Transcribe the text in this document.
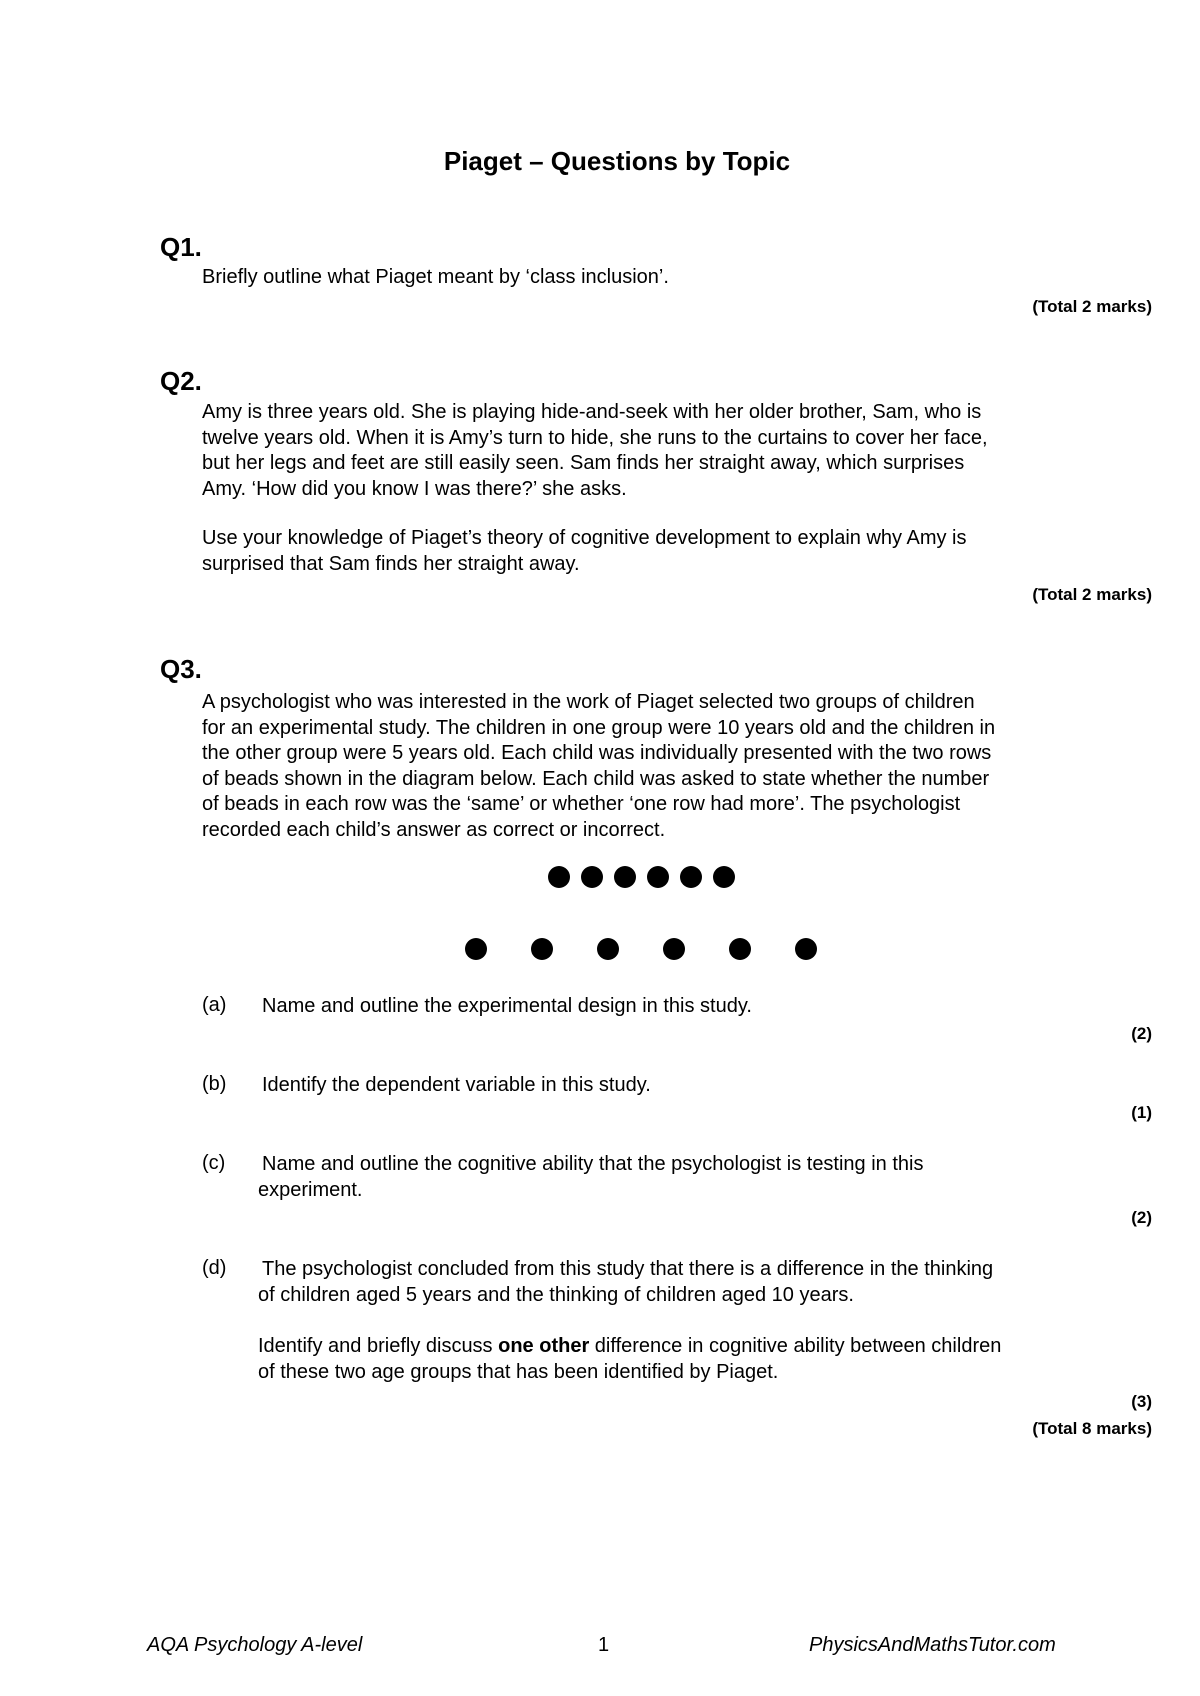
Piaget – Questions by Topic
Q1.
Briefly outline what Piaget meant by ‘class inclusion’.
(Total 2 marks)
Q2.
Amy is three years old. She is playing hide-and-seek with her older brother, Sam, who is
twelve years old. When it is Amy’s turn to hide, she runs to the curtains to cover her face,
but her legs and feet are still easily seen. Sam finds her straight away, which surprises
Amy. ‘How did you know I was there?’ she asks.
Use your knowledge of Piaget’s theory of cognitive development to explain why Amy is
surprised that Sam finds her straight away.
(Total 2 marks)
Q3.
A psychologist who was interested in the work of Piaget selected two groups of children
for an experimental study. The children in one group were 10 years old and the children in
the other group were 5 years old. Each child was individually presented with the two rows
of beads shown in the diagram below. Each child was asked to state whether the number
of beads in each row was the ‘same’ or whether ‘one row had more’. The psychologist
recorded each child’s answer as correct or incorrect.
(a) Name and outline the experimental design in this study.
(2)
(b) Identify the dependent variable in this study.
(1)
(c) Name and outline the cognitive ability that the psychologist is testing in this
experiment.
(2)
(d) The psychologist concluded from this study that there is a difference in the thinking
of children aged 5 years and the thinking of children aged 10 years.
Identify and briefly discuss one other difference in cognitive ability between children
of these two age groups that has been identified by Piaget.
(3)
(Total 8 marks)
AQA Psychology A-level	1	PhysicsAndMathsTutor.com
